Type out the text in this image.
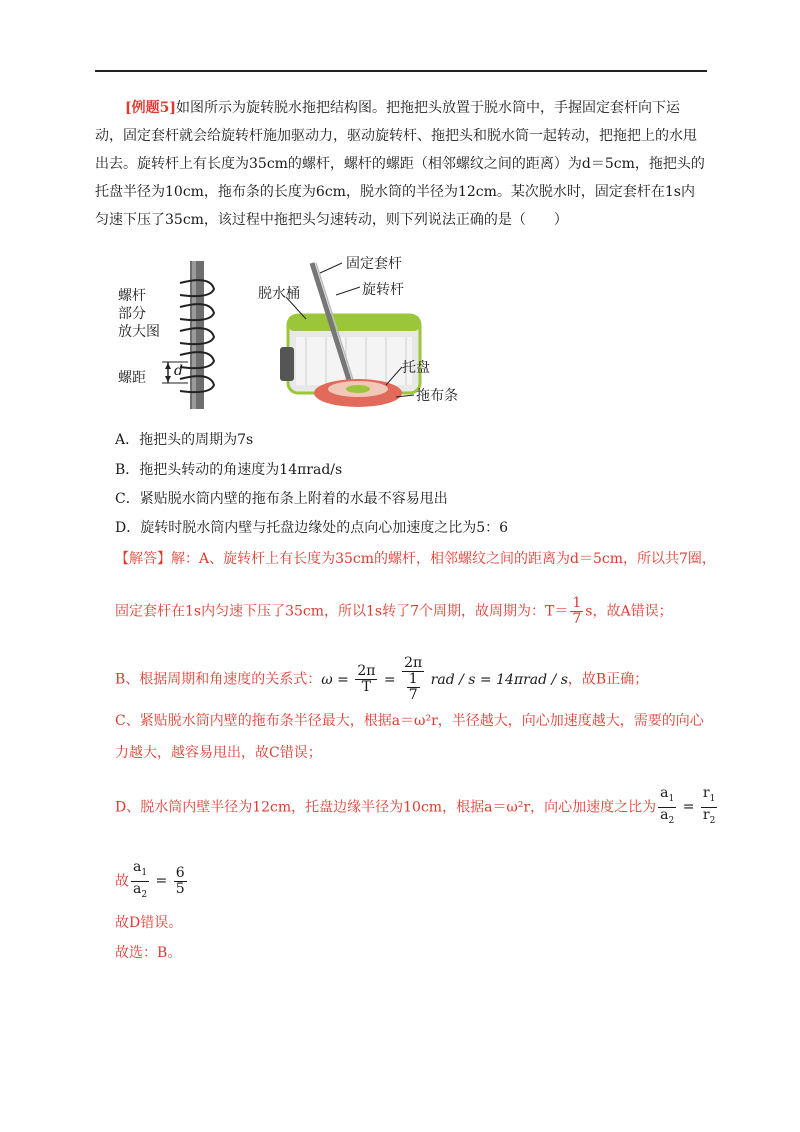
[例题5]如图所示为旋转脱水拖把结构图。把拖把头放置于脱水筒中，手握固定套杆向下运动，固定套杆就会给旋转杆施加驱动力，驱动旋转杆、拖把头和脱水筒一起转动，把拖把上的水甩出去。旋转杆上有长度为35cm的螺杆，螺杆的螺距（相邻螺纹之间的距离）为d＝5cm，拖把头的托盘半径为10cm，拖布条的长度为6cm，脱水筒的半径为12cm。某次脱水时，固定套杆在1s内匀速下压了35cm，该过程中拖把头匀速转动，则下列说法正确的是（　　）
螺杆
部分
放大图
螺距 d
固定套杆
旋转杆
脱水桶
托盘
拖布条
A．拖把头的周期为7s
B．拖把头转动的角速度为14πrad/s
C．紧贴脱水筒内壁的拖布条上附着的水最不容易甩出
D．旋转时脱水筒内壁与托盘边缘处的点向心加速度之比为5：6
【解答】解：A、旋转杆上有长度为35cm的螺杆，相邻螺纹之间的距离为d＝5cm，所以共7圈，
固定套杆在1s内匀速下压了35cm，所以1s转了7个周期，故周期为：$T= \frac{1}{7}$ s，故A错误；
B、根据周期和角速度的关系式：$\omega = \frac{2\pi}{T} = \frac{2\pi}{\frac{1}{7}}$ rad / s = 14πrad / s，故B正确；
C、紧贴脱水筒内壁的拖布条半径最大，根据a＝ω²r，半径越大，向心加速度越大，需要的向心
力越大，越容易甩出，故C错误；
D、脱水筒内壁半径为12cm，托盘边缘半径为10cm，根据a＝ω²r，向心加速度之比为 $\frac{a_1}{a_2} = \frac{r_1}{r_2}$
故 $\frac{a_1}{a_2} = \frac{6}{5}$
故D错误。
故选：B。
